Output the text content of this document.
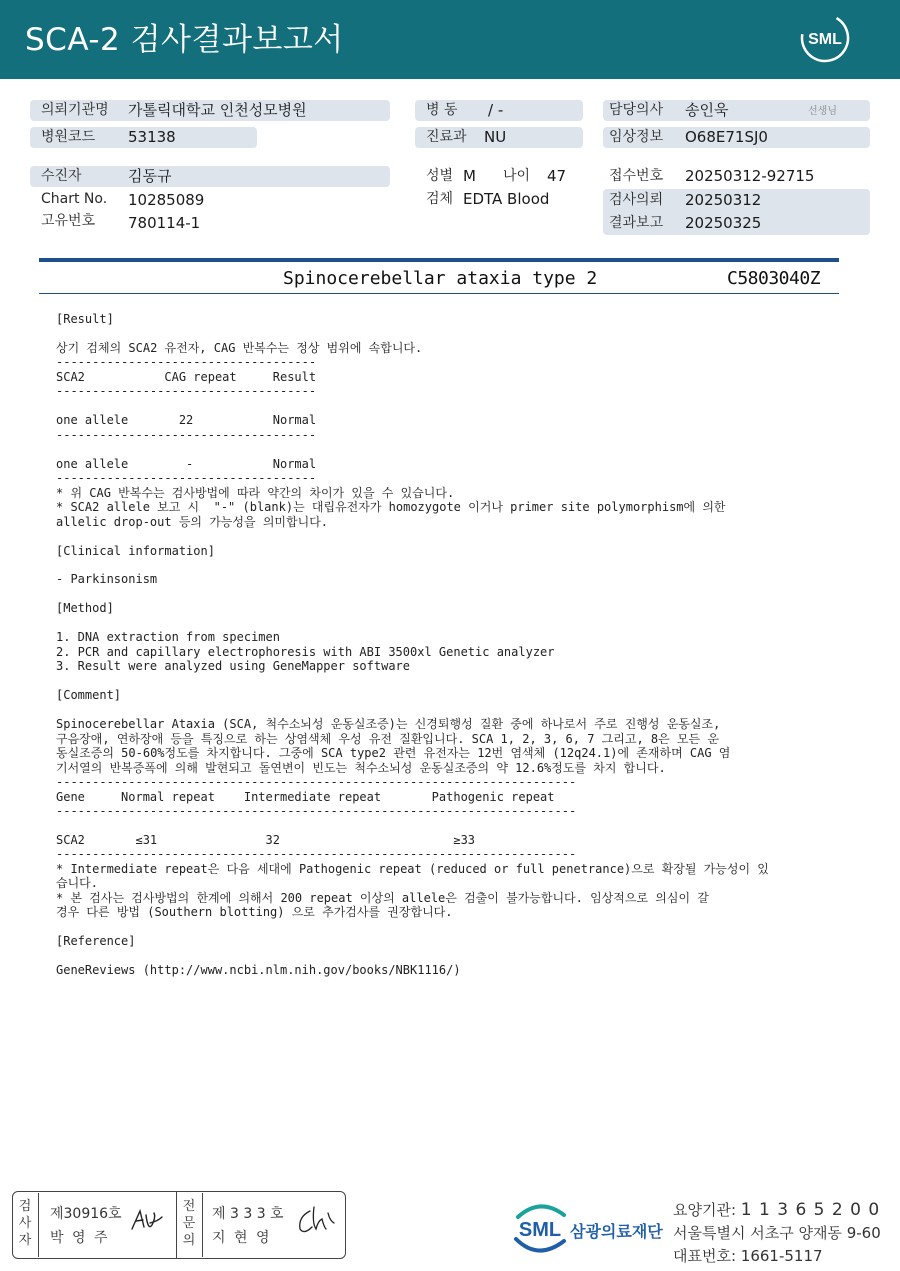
SCA-2 검사결과보고서	SML
의뢰기관명 가톨릭대학교 인천성모병원	병 동 / -	담당의사 송인욱	선생님
병원코드 53138	진료과 NU	임상정보 O68E71SJ0
수진자	김동규	성별 M 나이 47	접수번호 20250312-92715
Chart No. 10285089	검체 EDTA Blood	검사의뢰 20250312
고유번호 780114-1	결과보고 20250325
Spinocerebellar ataxia type 2	C5803040Z
[Result]
상기 검체의 SCA2 유전자, CAG 반복수는 정상 범위에 속합니다.
------------------------------------
SCA2           CAG repeat     Result
------------------------------------
one allele       22           Normal
------------------------------------
one allele        -           Normal
------------------------------------
* 위 CAG 반복수는 검사방법에 따라 약간의 차이가 있을 수 있습니다.
* SCA2 allele 보고 시  "-" (blank)는 대립유전자가 homozygote 이거나 primer site polymorphism에 의한
allelic drop-out 등의 가능성을 의미합니다.
[Clinical information]
- Parkinsonism
[Method]
1. DNA extraction from specimen
2. PCR and capillary electrophoresis with ABI 3500xl Genetic analyzer
3. Result were analyzed using GeneMapper software
[Comment]
Spinocerebellar Ataxia (SCA, 척수소뇌성 운동실조증)는 신경퇴행성 질환 중에 하나로서 주로 진행성 운동실조,
구음장애, 연하장애 등을 특징으로 하는 상염색체 우성 유전 질환입니다. SCA 1, 2, 3, 6, 7 그리고, 8은 모든 운
동실조증의 50-60%정도를 차지합니다. 그중에 SCA type2 관련 유전자는 12번 염색체 (12q24.1)에 존재하며 CAG 염
기서열의 반복증폭에 의해 발현되고 돌연변이 빈도는 척수소뇌성 운동실조증의 약 12.6%정도를 차지 합니다.
------------------------------------------------------------------------
Gene     Normal repeat    Intermediate repeat       Pathogenic repeat
------------------------------------------------------------------------
SCA2       ≤31               32                        ≥33
------------------------------------------------------------------------
* Intermediate repeat은 다음 세대에 Pathogenic repeat (reduced or full penetrance)으로 확장될 가능성이 있
습니다.
* 본 검사는 검사방법의 한계에 의해서 200 repeat 이상의 allele은 검출이 불가능합니다. 임상적으로 의심이 갈
경우 다른 방법 (Southern blotting) 으로 추가검사를 권장합니다.
[Reference]
GeneReviews (http://www.ncbi.nlm.nih.gov/books/NBK1116/)
검
사
자
제30916호
박 영 주
전
문
의
제 3 3 3 호
지 현 영	SML 삼광의료재단
요양기관: 1 1 3 6 5 2 0 0
서울특별시 서초구 양재동 9-60
대표번호: 1661-5117
